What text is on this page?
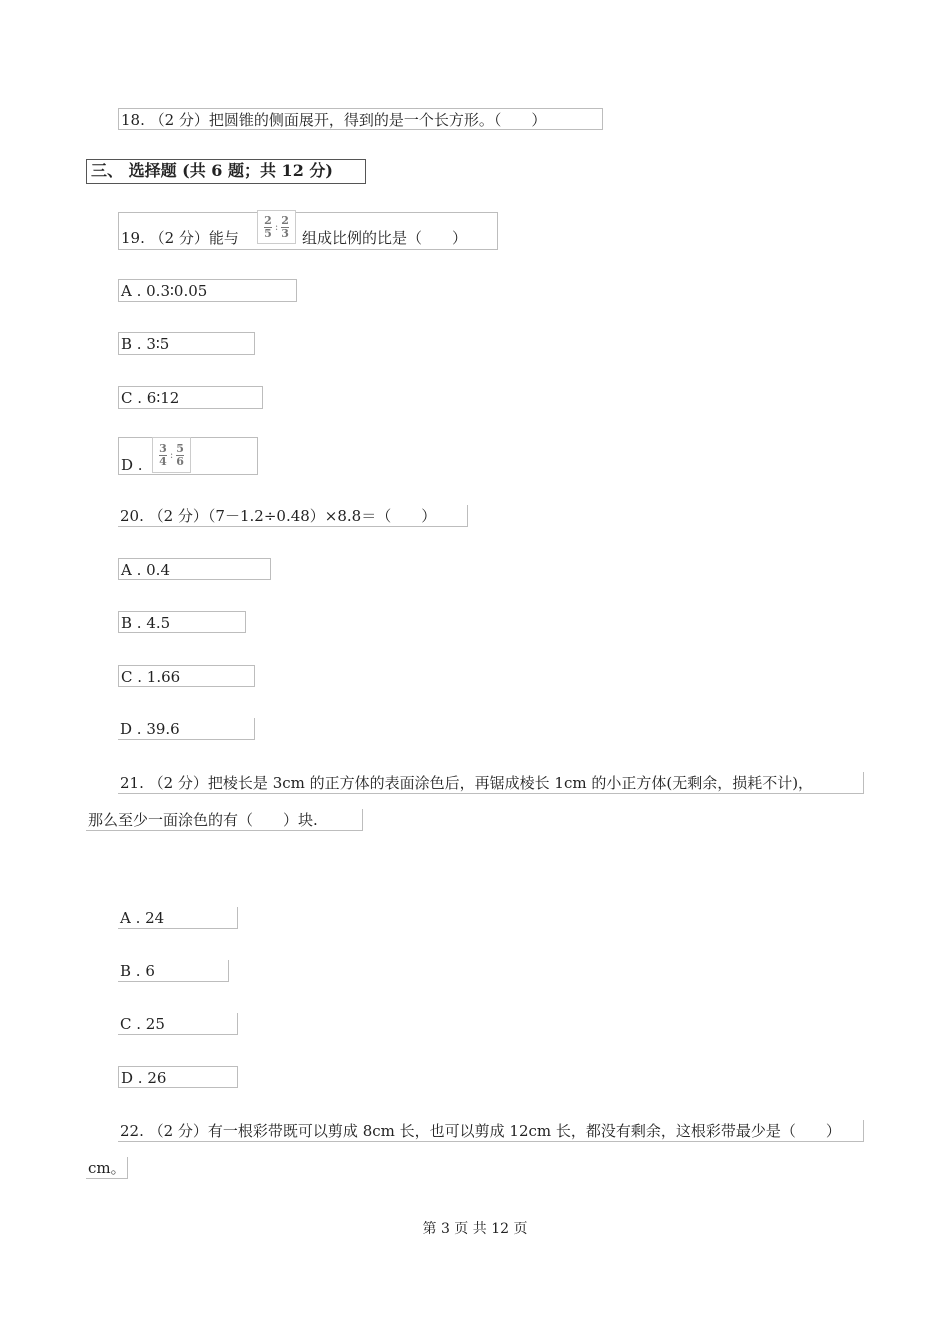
18. （2 分）把圆锥的侧面展开，得到的是一个长方形。（　　）
三、 选择题 (共 6 题；共 12 分)
19. （2 分）能与	$\frac{2}{5}$ : $\frac{2}{3}$ 组成比例的比是（　　）
A . 0.3∶0.05
B . 3∶5
C . 6∶12
D .	$\frac{3}{4}$ : $\frac{5}{6}$
20. （2 分）（7－1.2÷0.48）×8.8＝（　　）
A . 0.4
B . 4.5
C . 1.66
D . 39.6
21. （2 分）把棱长是 3cm 的正方体的表面涂色后，再锯成棱长 1cm 的小正方体(无剩余，损耗不计)，
那么至少一面涂色的有（　　）块.
A . 24
B . 6
C . 25
D . 26
22. （2 分）有一根彩带既可以剪成 8cm 长，也可以剪成 12cm 长，都没有剩余，这根彩带最少是（　　）
cm。
第 3 页 共 12 页
